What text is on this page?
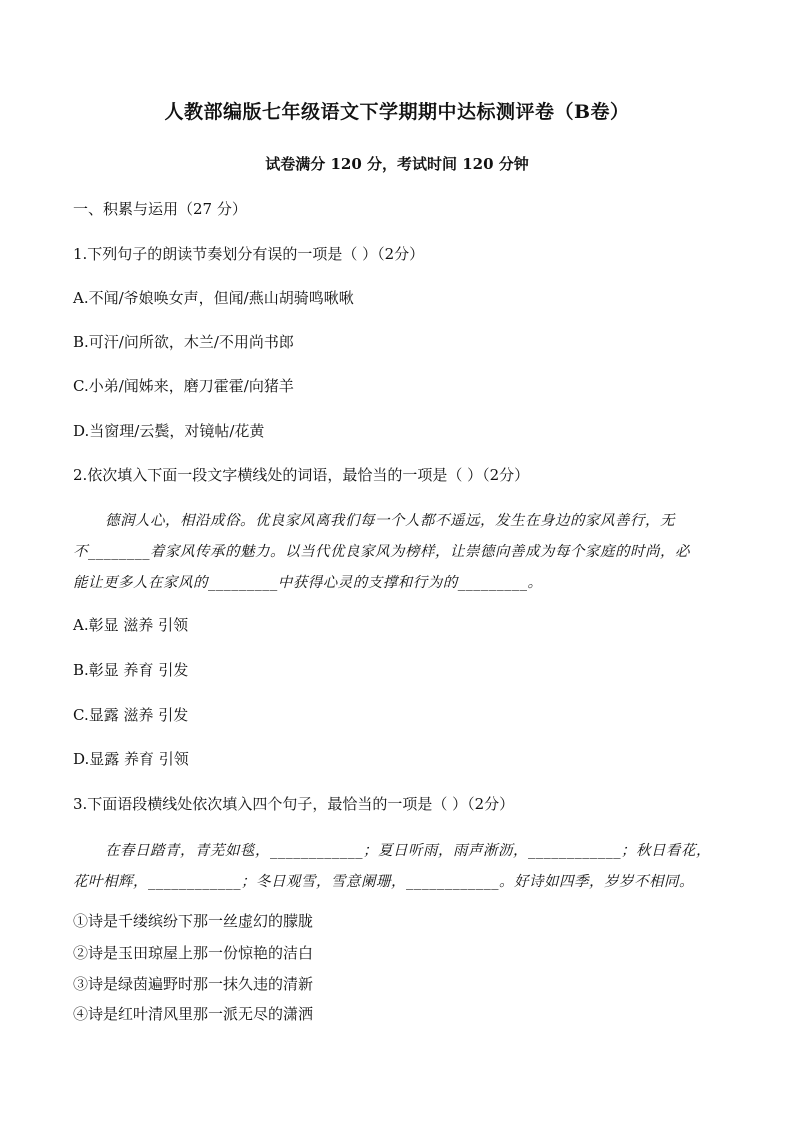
人教部编版七年级语文下学期期中达标测评卷（B卷）
试卷满分 120 分，考试时间 120 分钟
一、积累与运用（27 分）
1.下列句子的朗读节奏划分有误的一项是（ ）（2分）
A.不闻/爷娘唤女声，但闻/燕山胡骑鸣啾啾
B.可汗/问所欲，木兰/不用尚书郎
C.小弟/闻姊来，磨刀霍霍/向猪羊
D.当窗理/云鬓，对镜帖/花黄
2.依次填入下面一段文字横线处的词语，最恰当的一项是（ ）（2分）
德润人心，相沿成俗。优良家风离我们每一个人都不遥远，发生在身边的家风善行，无
不________着家风传承的魅力。以当代优良家风为榜样，让崇德向善成为每个家庭的时尚，必
能让更多人在家风的_________中获得心灵的支撑和行为的_________。
A.彰显 滋养 引领
B.彰显 养育 引发
C.显露 滋养 引发
D.显露 养育 引领
3.下面语段横线处依次填入四个句子，最恰当的一项是（ ）（2分）
在春日踏青，青芜如毯，____________；夏日听雨，雨声淅沥，____________；秋日看花，
花叶相辉，____________；冬日观雪，雪意阑珊，____________。好诗如四季，岁岁不相同。
①诗是千缕缤纷下那一丝虚幻的朦胧
②诗是玉田琼屋上那一份惊艳的洁白
③诗是绿茵遍野时那一抹久违的清新
④诗是红叶清风里那一派无尽的潇洒
